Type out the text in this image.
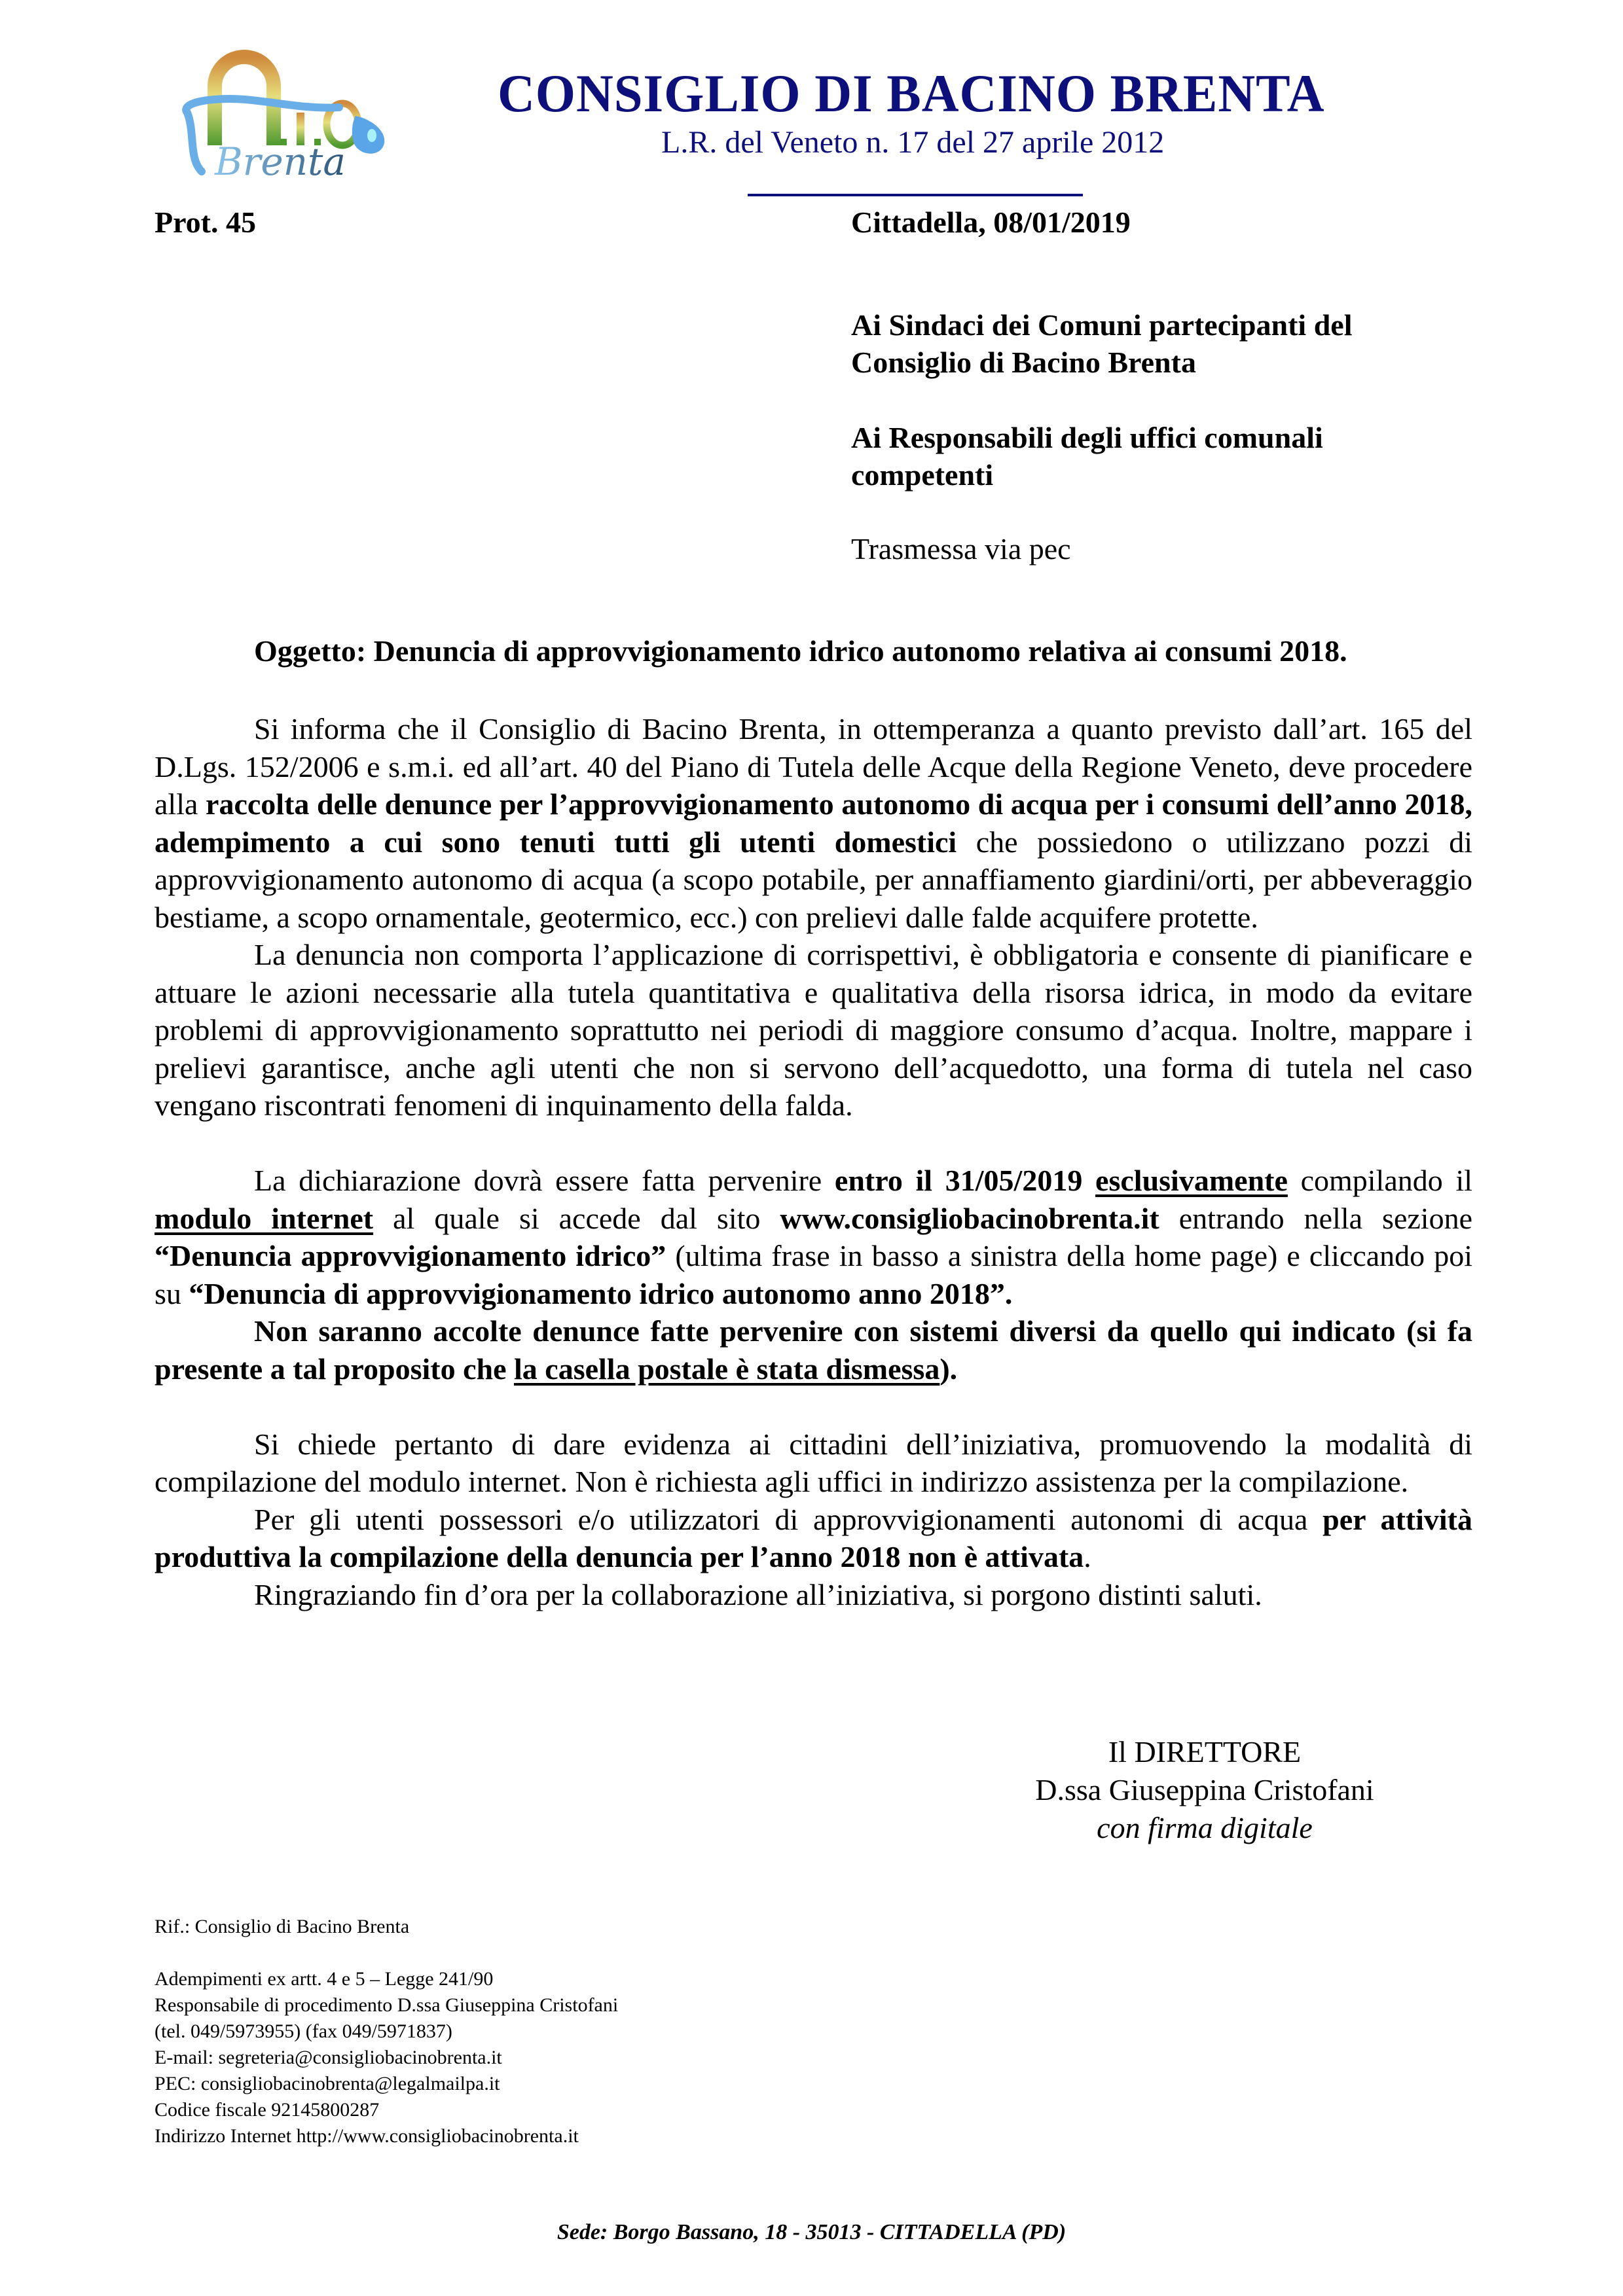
Brenta
CONSIGLIO DI BACINO BRENTA
L.R. del Veneto n. 17 del 27 aprile 2012
Prot. 45	Cittadella, 08/01/2019
Ai Sindaci dei Comuni partecipanti del
Consiglio di Bacino Brenta
Ai Responsabili degli uffici comunali
competenti
Trasmessa via pec
Oggetto: Denuncia di approvvigionamento idrico autonomo relativa ai consumi 2018.

Si informa che il Consiglio di Bacino Brenta, in ottemperanza a quanto previsto dall’art. 165 del D.Lgs. 152/2006 e s.m.i. ed all’art. 40 del Piano di Tutela delle Acque della Regione Veneto, deve procedere alla raccolta delle denunce per l’approvvigionamento autonomo di acqua per i consumi dell’anno 2018, adempimento a cui sono tenuti tutti gli utenti domestici che possiedono o utilizzano pozzi di approvvigionamento autonomo di acqua (a scopo potabile, per annaffiamento giardini/orti, per abbeveraggio bestiame, a scopo ornamentale, geotermico, ecc.) con prelievi dalle falde acquifere protette.

La denuncia non comporta l’applicazione di corrispettivi, è obbligatoria e consente di pianificare e attuare le azioni necessarie alla tutela quantitativa e qualitativa della risorsa idrica, in modo da evitare problemi di approvvigionamento soprattutto nei periodi di maggiore consumo d’acqua. Inoltre, mappare i prelievi garantisce, anche agli utenti che non si servono dell’acquedotto, una forma di tutela nel caso vengano riscontrati fenomeni di inquinamento della falda.

La dichiarazione dovrà essere fatta pervenire entro il 31/05/2019 esclusivamente compilando il modulo internet al quale si accede dal sito www.consigliobacinobrenta.it entrando nella sezione “Denuncia approvvigionamento idrico” (ultima frase in basso a sinistra della home page) e cliccando poi su “Denuncia di approvvigionamento idrico autonomo anno 2018”.

Non saranno accolte denunce fatte pervenire con sistemi diversi da quello qui indicato (si fa presente a tal proposito che la casella postale è stata dismessa).

Si chiede pertanto di dare evidenza ai cittadini dell’iniziativa, promuovendo la modalità di compilazione del modulo internet. Non è richiesta agli uffici in indirizzo assistenza per la compilazione.

Per gli utenti possessori e/o utilizzatori di approvvigionamenti autonomi di acqua per attività produttiva la compilazione della denuncia per l’anno 2018 non è attivata.

Ringraziando fin d’ora per la collaborazione all’iniziativa, si porgono distinti saluti.

Il DIRETTORE
D.ssa Giuseppina Cristofani
con firma digitale
Rif.: Consiglio di Bacino Brenta
Adempimenti ex artt. 4 e 5 – Legge 241/90
Responsabile di procedimento D.ssa Giuseppina Cristofani
(tel. 049/5973955) (fax 049/5971837)
E-mail: segreteria@consigliobacinobrenta.it
PEC: consigliobacinobrenta@legalmailpa.it
Codice fiscale 92145800287
Indirizzo Internet http://www.consigliobacinobrenta.it
Sede: Borgo Bassano, 18 - 35013 - CITTADELLA (PD)
